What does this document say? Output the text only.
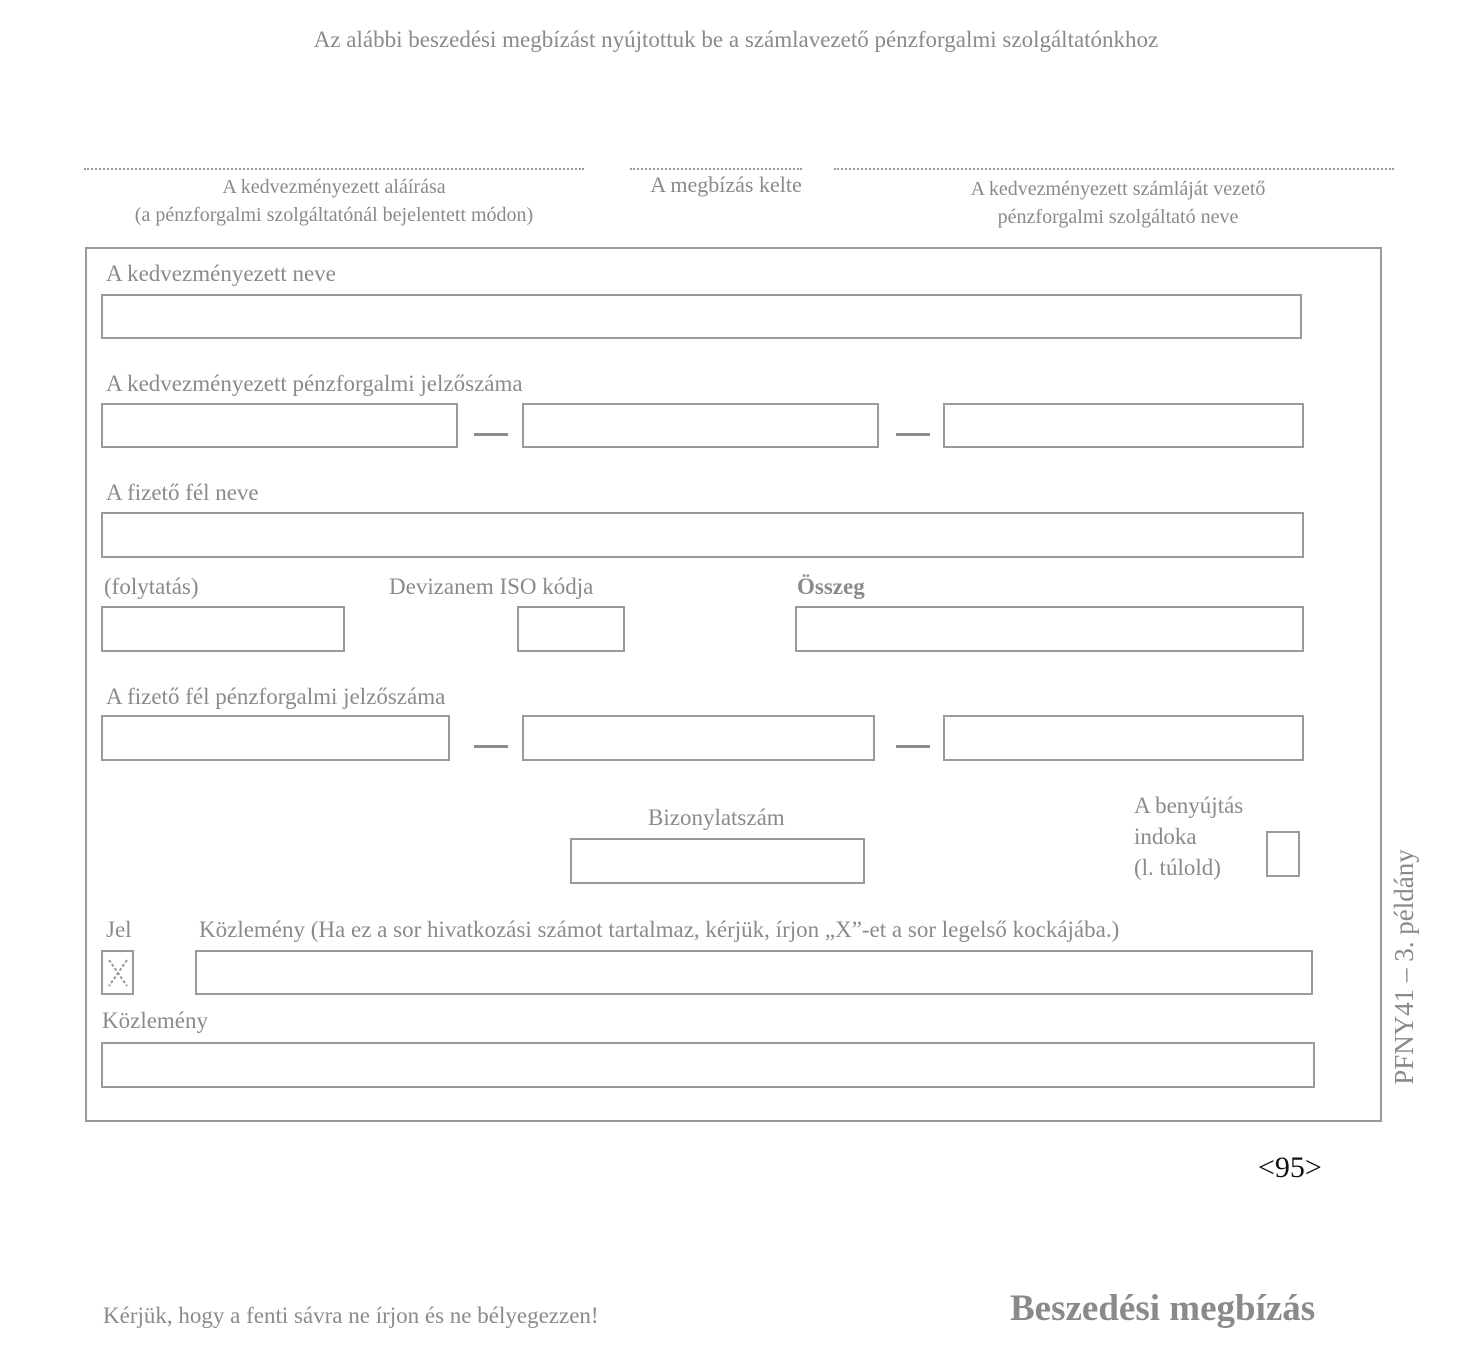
Az alábbi beszedési megbízást nyújtottuk be a számlavezető pénzforgalmi szolgáltatónkhoz
A kedvezményezett aláírása
(a pénzforgalmi szolgáltatónál bejelentett módon)
A megbízás kelte	A kedvezményezett számláját vezető
pénzforgalmi szolgáltató neve
A kedvezményezett neve
A kedvezményezett pénzforgalmi jelzőszáma
A fizető fél neve
(folytatás)	Devizanem ISO kódja	Összeg
A fizető fél pénzforgalmi jelzőszáma
Bizonylatszám	A benyújtás
indoka
(l. túlold)
Jel	Közlemény (Ha ez a sor hivatkozási számot tartalmaz, kérjük, írjon „X”-et a sor legelső kockájába.)
Közlemény	PFNY41 – 3. példány
<95>
Kérjük, hogy a fenti sávra ne írjon és ne bélyegezzen!	Beszedési megbízás
